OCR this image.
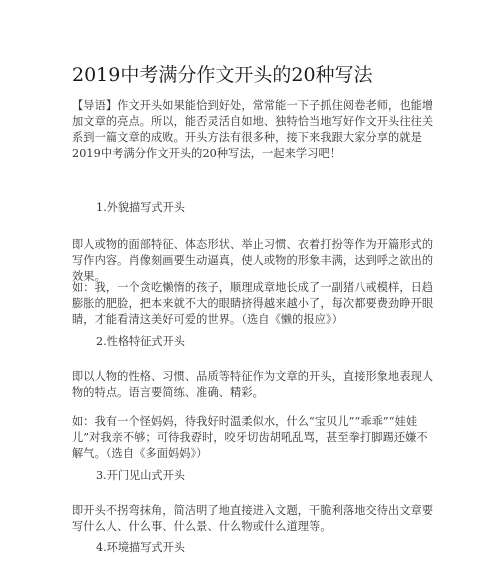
2019中考满分作文开头的20种写法

【导语】作文开头如果能恰到好处，常常能一下子抓住阅卷老师，也能增加文章的亮点。所以，能否灵活自如地、独特恰当地写好作文开头往往关系到一篇文章的成败。开头方法有很多种，接下来我跟大家分享的就是2019中考满分作文开头的20种写法，一起来学习吧！

1.外貌描写式开头

即人或物的面部特征、体态形状、举止习惯、衣着打扮等作为开篇形式的写作内容。肖像刻画要生动逼真，使人或物的形象丰满，达到呼之欲出的效果。

如：我，一个贪吃懒惰的孩子，顺理成章地长成了一副猪八戒模样，日趋膨胀的肥脸，把本来就不大的眼睛挤得越来越小了，每次都要费劲睁开眼睛，才能看清这美好可爱的世界。（选自《懒的报应》）

2.性格特征式开头

即以人物的性格、习惯、品质等特征作为文章的开头，直接形象地表现人物的特点。语言要简练、准确、精彩。

如：我有一个怪妈妈，待我好时温柔似水，什么“宝贝儿”“乖乖”“娃娃儿”对我亲不够；可待我孬时，咬牙切齿胡吼乱骂，甚至拳打脚踢还嫌不解气。（选自《多面妈妈》）

3.开门见山式开头

即开头不拐弯抹角，简洁明了地直接进入文题，干脆利落地交待出文章要写什么人、什么事、什么景、什么物或什么道理等。

4.环境描写式开头
